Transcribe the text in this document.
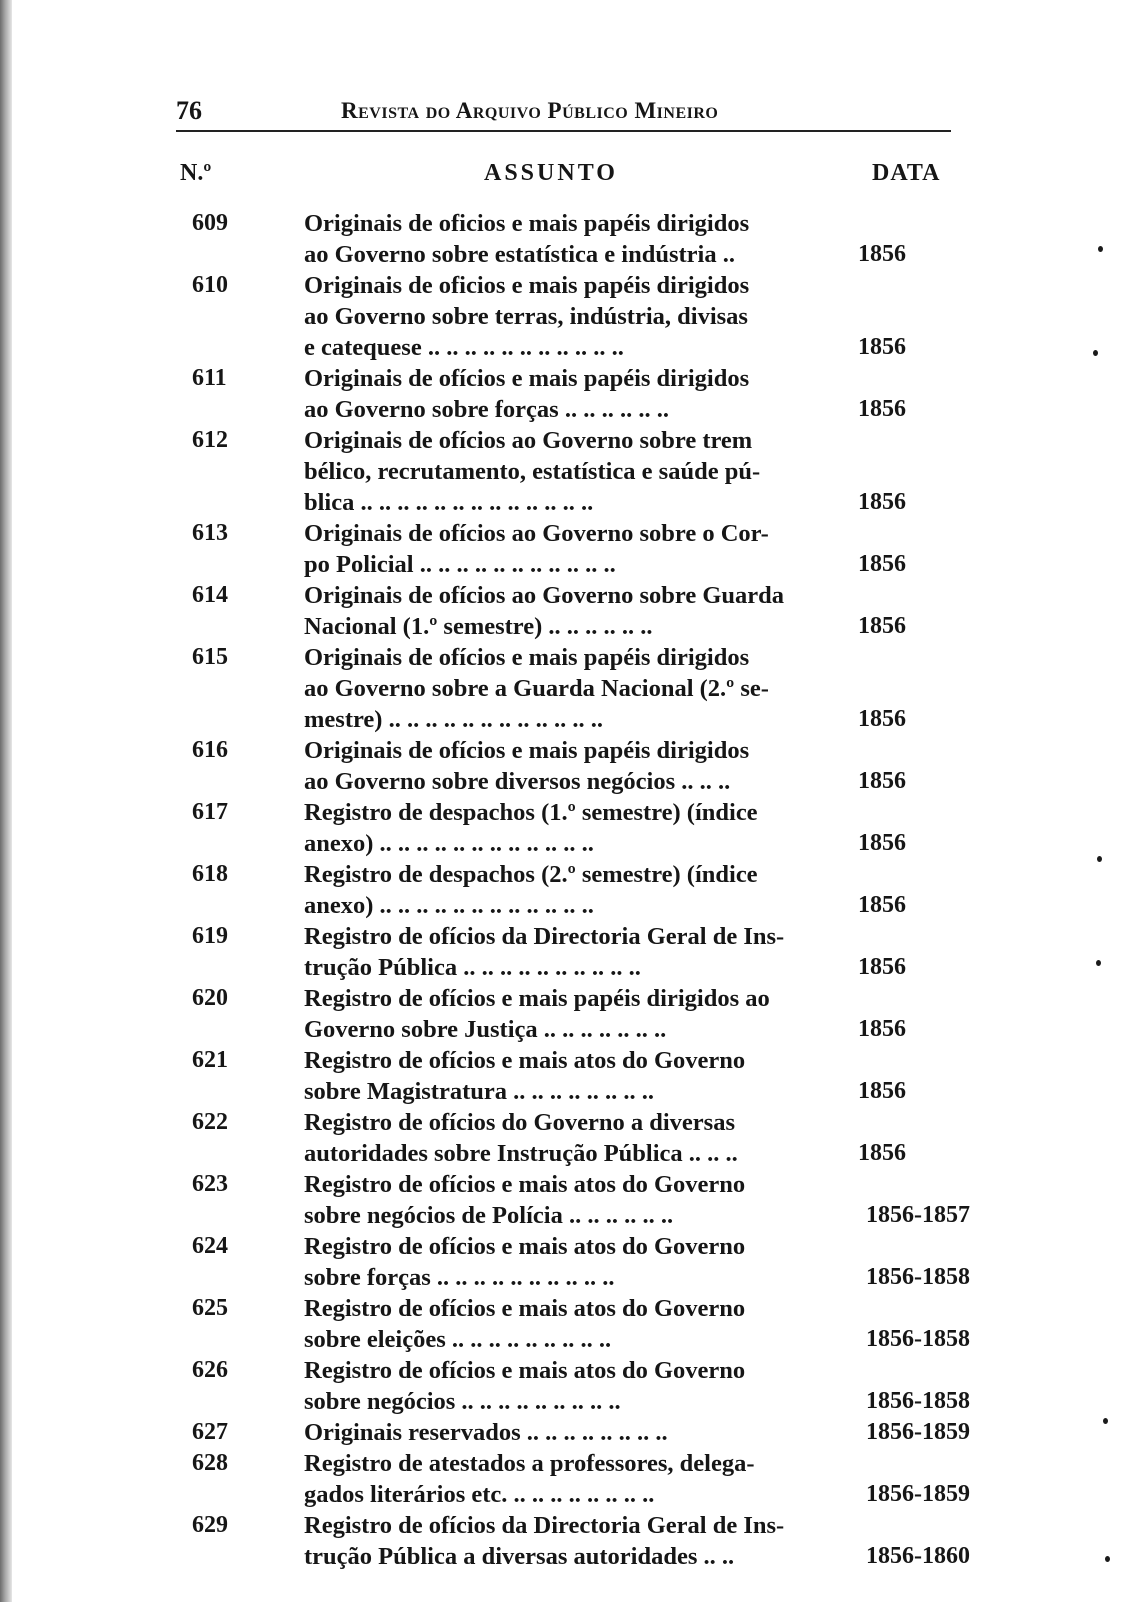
76	Revista do Arquivo Público Mineiro
N.º	ASSUNTO	DATA
609	Originais de oficios e mais papéis dirigidos
ao Governo sobre estatística e indústria ..	1856
610	Originais de oficios e mais papéis dirigidos
ao Governo sobre terras, indústria, divisas
e catequese .. .. .. .. .. .. .. .. .. .. ..	1856
611	Originais de ofícios e mais papéis dirigidos
ao Governo sobre forças .. .. .. .. .. ..	1856
612	Originais de ofícios ao Governo sobre trem
bélico, recrutamento, estatística e saúde pú-
blica .. .. .. .. .. .. .. .. .. .. .. .. ..	1856
613	Originais de ofícios ao Governo sobre o Cor-
po Policial .. .. .. .. .. .. .. .. .. .. ..	1856
614	Originais de ofícios ao Governo sobre Guarda
Nacional (1.º semestre) .. .. .. .. .. ..	1856
615	Originais de ofícios e mais papéis dirigidos
ao Governo sobre a Guarda Nacional (2.º se-
mestre) .. .. .. .. .. .. .. .. .. .. .. ..	1856
616	Originais de ofícios e mais papéis dirigidos
ao Governo sobre diversos negócios .. .. ..	1856
617	Registro de despachos (1.º semestre) (índice
anexo) .. .. .. .. .. .. .. .. .. .. .. ..	1856
618	Registro de despachos (2.º semestre) (índice
anexo) .. .. .. .. .. .. .. .. .. .. .. ..	1856
619	Registro de ofícios da Directoria Geral de Ins-
trução Pública .. .. .. .. .. .. .. .. .. ..	1856
620	Registro de ofícios e mais papéis dirigidos ao
Governo sobre Justiça .. .. .. .. .. .. ..	1856
621	Registro de ofícios e mais atos do Governo
sobre Magistratura .. .. .. .. .. .. .. ..	1856
622	Registro de ofícios do Governo a diversas
autoridades sobre Instrução Pública .. .. ..	1856
623	Registro de ofícios e mais atos do Governo
sobre negócios de Polícia .. .. .. .. .. ..	1856-1857
624	Registro de ofícios e mais atos do Governo
sobre forças .. .. .. .. .. .. .. .. .. ..	1856-1858
625	Registro de ofícios e mais atos do Governo
sobre eleições .. .. .. .. .. .. .. .. ..	1856-1858
626	Registro de ofícios e mais atos do Governo
sobre negócios .. .. .. .. .. .. .. .. ..	1856-1858
627	Originais reservados .. .. .. .. .. .. .. ..	1856-1859
628	Registro de atestados a professores, delega-
gados literários etc. .. .. .. .. .. .. .. ..	1856-1859
629	Registro de ofícios da Directoria Geral de Ins-
trução Pública a diversas autoridades .. ..	1856-1860
